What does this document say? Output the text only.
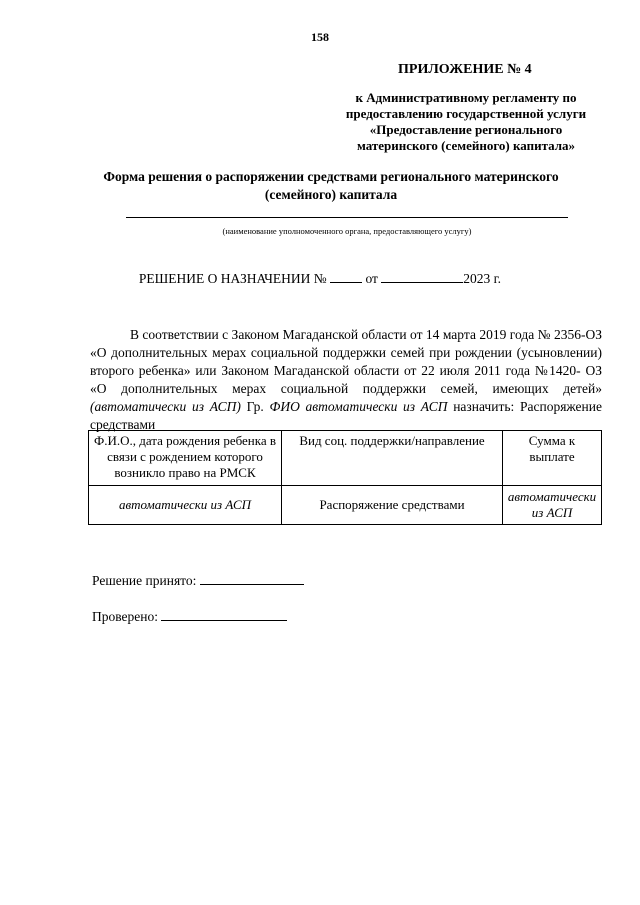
158
ПРИЛОЖЕНИЕ № 4
к Административному регламенту по
предоставлению государственной услуги
«Предоставление регионального
материнского (семейного) капитала»
Форма решения о распоряжении средствами регионального материнского
(семейного) капитала
(наименование уполномоченного органа, предоставляющего услугу)
РЕШЕНИЕ О НАЗНАЧЕНИИ №	от	2023 г.

В соответствии с Законом Магаданской области от 14 марта 2019 года № 2356-ОЗ «О дополнительных мерах социальной поддержки семей при рождении (усыновлении) второго ребенка» или Законом Магаданской области от 22 июля 2011 года №1420- ОЗ «О дополнительных мерах социальной поддержки семей, имеющих детей» (автоматически из АСП) Гр. ФИО автоматически из АСП назначить: Распоряжение средствами

Ф.И.О., дата рождения ребенка в связи с рождением которого возникло право на РМСК	Вид соц. поддержки/направление	Сумма к выплате
автоматически из АСП	Распоряжение средствами	автоматически из АСП
Решение принято:
Проверено:
